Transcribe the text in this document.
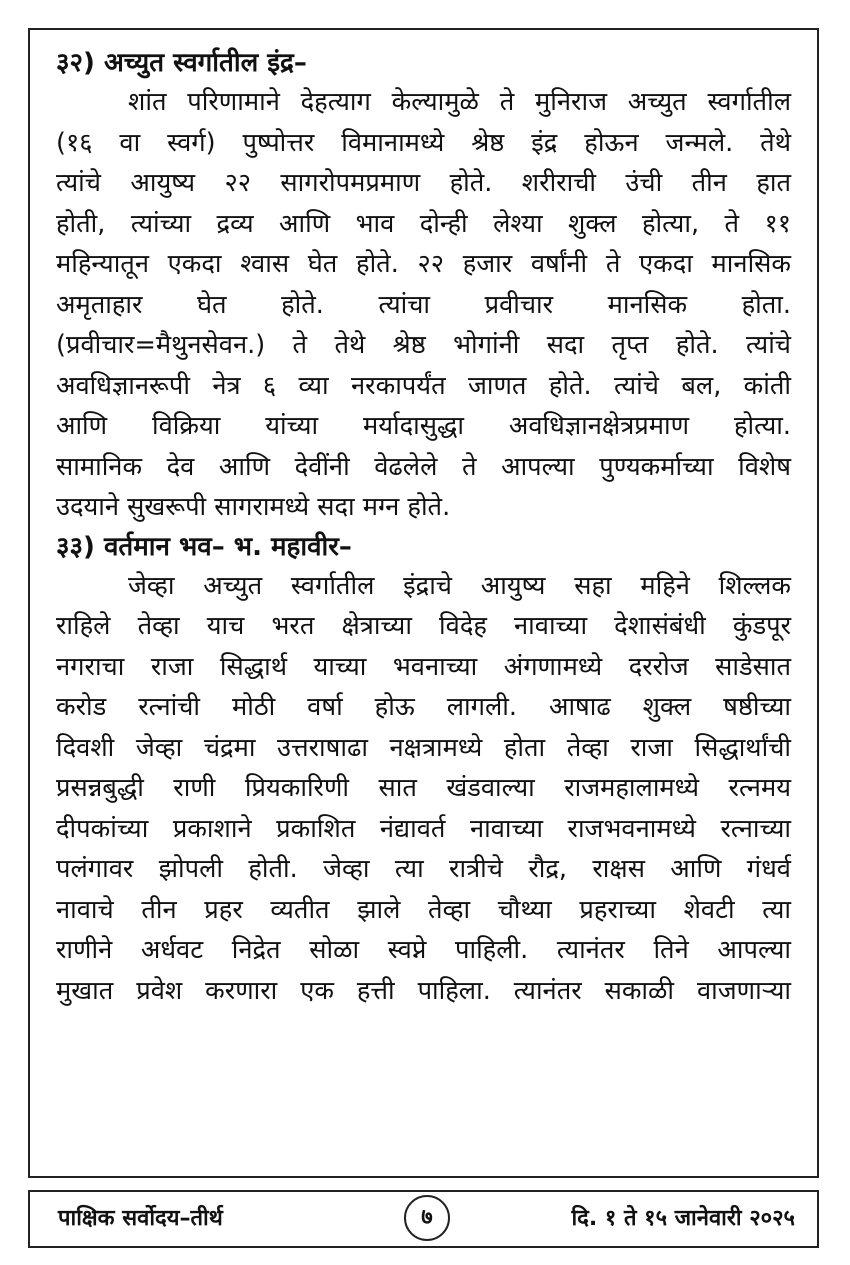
३२) अच्युत स्वर्गातील इंद्र–
शांत परिणामाने देहत्याग केल्यामुळे ते मुनिराज अच्युत स्वर्गातील
(१६ वा स्वर्ग) पुष्पोत्तर विमानामध्ये श्रेष्ठ इंद्र होऊन जन्मले. तेथे
त्यांचे आयुष्य २२ सागरोपमप्रमाण होते. शरीराची उंची तीन हात
होती, त्यांच्या द्रव्य आणि भाव दोन्ही लेश्या शुक्ल होत्या, ते ११
महिन्यातून एकदा श्वास घेत होते. २२ हजार वर्षांनी ते एकदा मानसिक
अमृताहार घेत होते. त्यांचा प्रवीचार मानसिक होता.
(प्रवीचार=मैथुनसेवन.) ते तेथे श्रेष्ठ भोगांनी सदा तृप्त होते. त्यांचे
अवधिज्ञानरूपी नेत्र ६ व्या नरकापर्यंत जाणत होते. त्यांचे बल, कांती
आणि विक्रिया यांच्या मर्यादासुद्धा अवधिज्ञानक्षेत्रप्रमाण होत्या.
सामानिक देव आणि देवींनी वेढलेले ते आपल्या पुण्यकर्माच्या विशेष
उदयाने सुखरूपी सागरामध्ये सदा मग्न होते.
३३) वर्तमान भव– भ. महावीर–
जेव्हा अच्युत स्वर्गातील इंद्राचे आयुष्य सहा महिने शिल्लक
राहिले तेव्हा याच भरत क्षेत्राच्या विदेह नावाच्या देशासंबंधी कुंडपूर
नगराचा राजा सिद्धार्थ याच्या भवनाच्या अंगणामध्ये दररोज साडेसात
करोड रत्नांची मोठी वर्षा होऊ लागली. आषाढ शुक्ल षष्ठीच्या
दिवशी जेव्हा चंद्रमा उत्तराषाढा नक्षत्रामध्ये होता तेव्हा राजा सिद्धार्थांची
प्रसन्नबुद्धी राणी प्रियकारिणी सात खंडवाल्या राजमहालामध्ये रत्नमय
दीपकांच्या प्रकाशाने प्रकाशित नंद्यावर्त नावाच्या राजभवनामध्ये रत्नाच्या
पलंगावर झोपली होती. जेव्हा त्या रात्रीचे रौद्र, राक्षस आणि गंधर्व
नावाचे तीन प्रहर व्यतीत झाले तेव्हा चौथ्या प्रहराच्या शेवटी त्या
राणीने अर्धवट निद्रेत सोळा स्वप्ने पाहिली. त्यानंतर तिने आपल्या
मुखात प्रवेश करणारा एक हत्ती पाहिला. त्यानंतर सकाळी वाजणाऱ्या
पाक्षिक सर्वोदय–तीर्थ	७	दि. १ ते १५ जानेवारी २०२५
